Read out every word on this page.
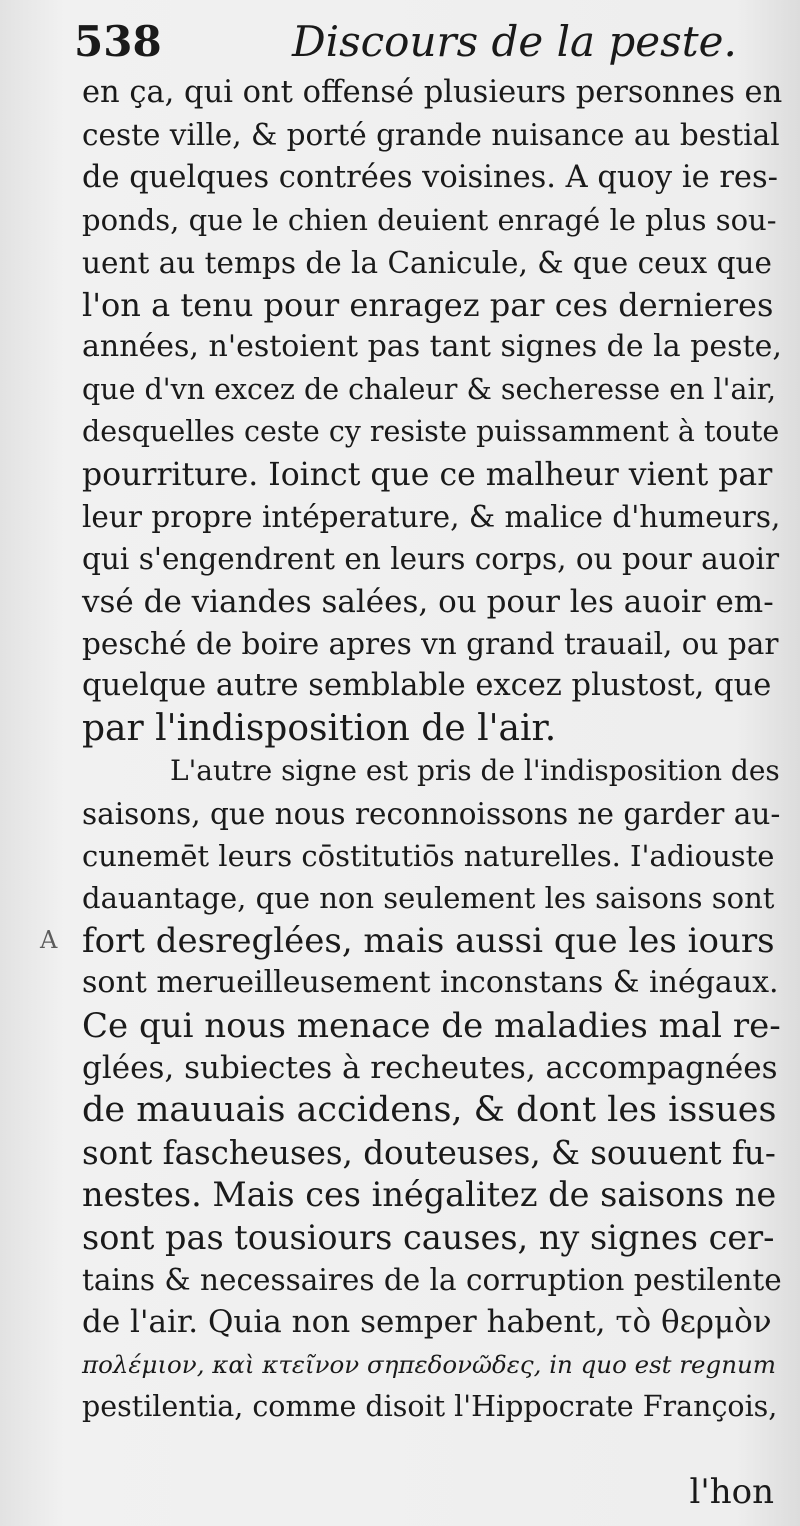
538	Discours de la peste.
en ça, qui ont offensé plusieurs personnes en
ceste ville, & porté grande nuisance au bestial
de quelques contrées voisines. A quoy ie res-
ponds, que le chien deuient enragé le plus sou-
uent au temps de la Canicule, & que ceux que
l'on a tenu pour enragez par ces dernieres
années, n'estoient pas tant signes de la peste,
que d'vn excez de chaleur & secheresse en l'air,
desquelles ceste cy resiste puissamment à toute
pourriture. Ioinct que ce malheur vient par
leur propre intéperature, & malice d'humeurs,
qui s'engendrent en leurs corps, ou pour auoir
vsé de viandes salées, ou pour les auoir em-
pesché de boire apres vn grand trauail, ou par
quelque autre semblable excez plustost, que
par l'indisposition de l'air.
L'autre signe est pris de l'indisposition des
saisons, que nous reconnoissons ne garder au-
cunemēt leurs cōstitutiōs naturelles. I'adiouste
dauantage, que non seulement les saisons sont
fort desreglées, mais aussi que les iours
sont merueilleusement inconstans & inégaux.
Ce qui nous menace de maladies mal re-
glées, subiectes à recheutes, accompagnées
de mauuais accidens, & dont les issues
sont fascheuses, douteuses, & souuent fu-
nestes. Mais ces inégalitez de saisons ne
sont pas tousiours causes, ny signes cer-
tains & necessaires de la corruption pestilente
de l'air. Quia non semper habent, τὸ θερμὸν
πολέμιον, καὶ κτεῖνον σηπεδονῶδες, in quo est regnum
pestilentia, comme disoit l'Hippocrate François,
l'hon
A
